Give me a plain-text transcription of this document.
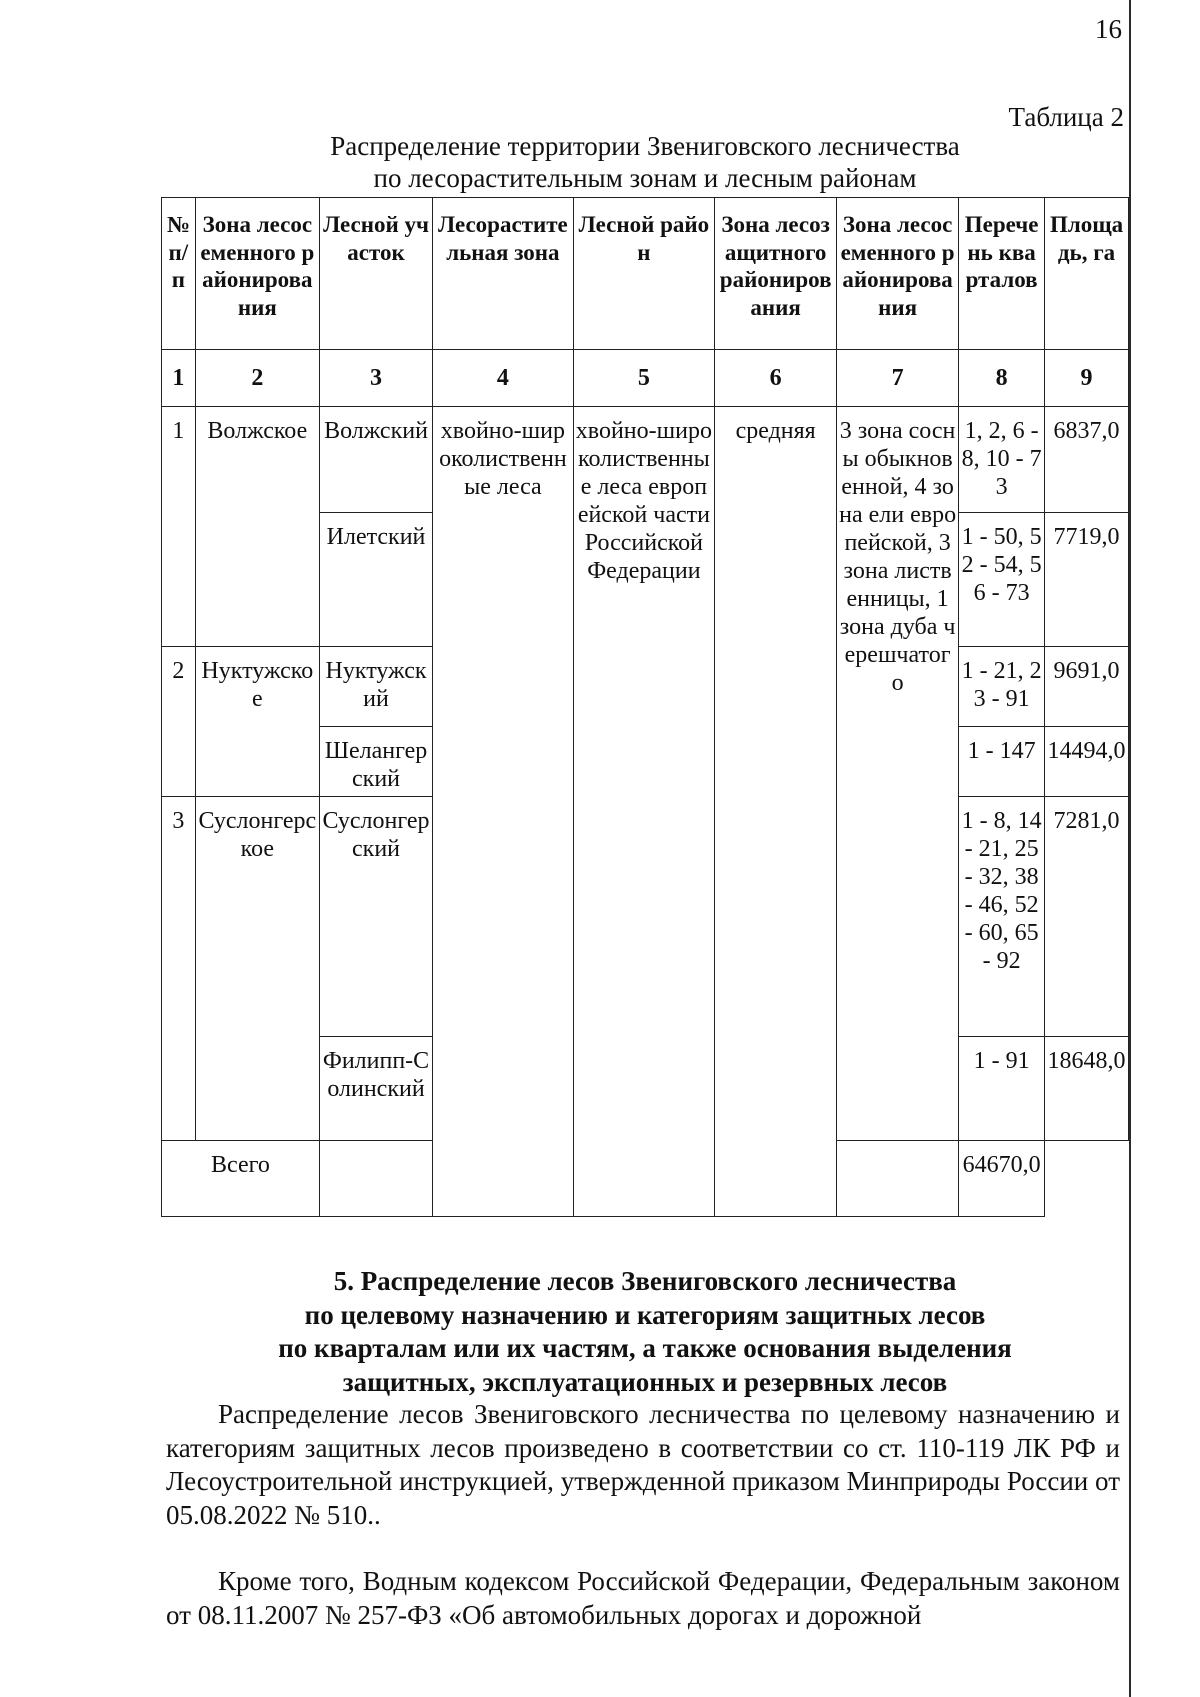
16
Таблица 2
Распределение территории Звениговского лесничества
по лесорастительным зонам и лесным районам
№ п/п	Зона лесосеменного районирования	Лесной участок	Лесорастительная зона	Лесной район	Зона лесозащитного районирования	Зона лесосеменного районирования	Перечень кварталов	Площадь, га
1	2	3	4	5	6	7	8	9
1	Волжское	Волжский	хвойно-широколиственные леса	хвойно-широколиственные леса европейской части Российской Федерации	средняя	3 зона сосны обыкновенной, 4 зона ели европейской, 3 зона лиственницы, 1 зона дуба черешчатого	1, 2, 6 - 8, 10 - 73	6837,0
		Илетский					1 - 50, 52 - 54, 56 - 73	7719,0
2	Нуктужское	Нуктужский					1 - 21, 23 - 91	9691,0
		Шелангерский					1 - 147	14494,0
3	Суслонгерское	Суслонгерский					1 - 8, 14 - 21, 25 - 32, 38 - 46, 52 - 60, 65 - 92	7281,0
		Филипп-Солинский					1 - 91	18648,0
Всего							64670,0	
5. Распределение лесов Звениговского лесничества
по целевому назначению и категориям защитных лесов
по кварталам или их частям, а также основания выделения
защитных, эксплуатационных и резервных лесов

Распределение лесов Звениговского лесничества по целевому назначению и категориям защитных лесов произведено в соответствии со ст. 110-119 ЛК РФ и Лесоустроительной инструкцией, утвержденной приказом Минприроды России от 05.08.2022 № 510..

Кроме того, Водным кодексом Российской Федерации, Федеральным законом от 08.11.2007 № 257-ФЗ «Об автомобильных дорогах и дорожной
